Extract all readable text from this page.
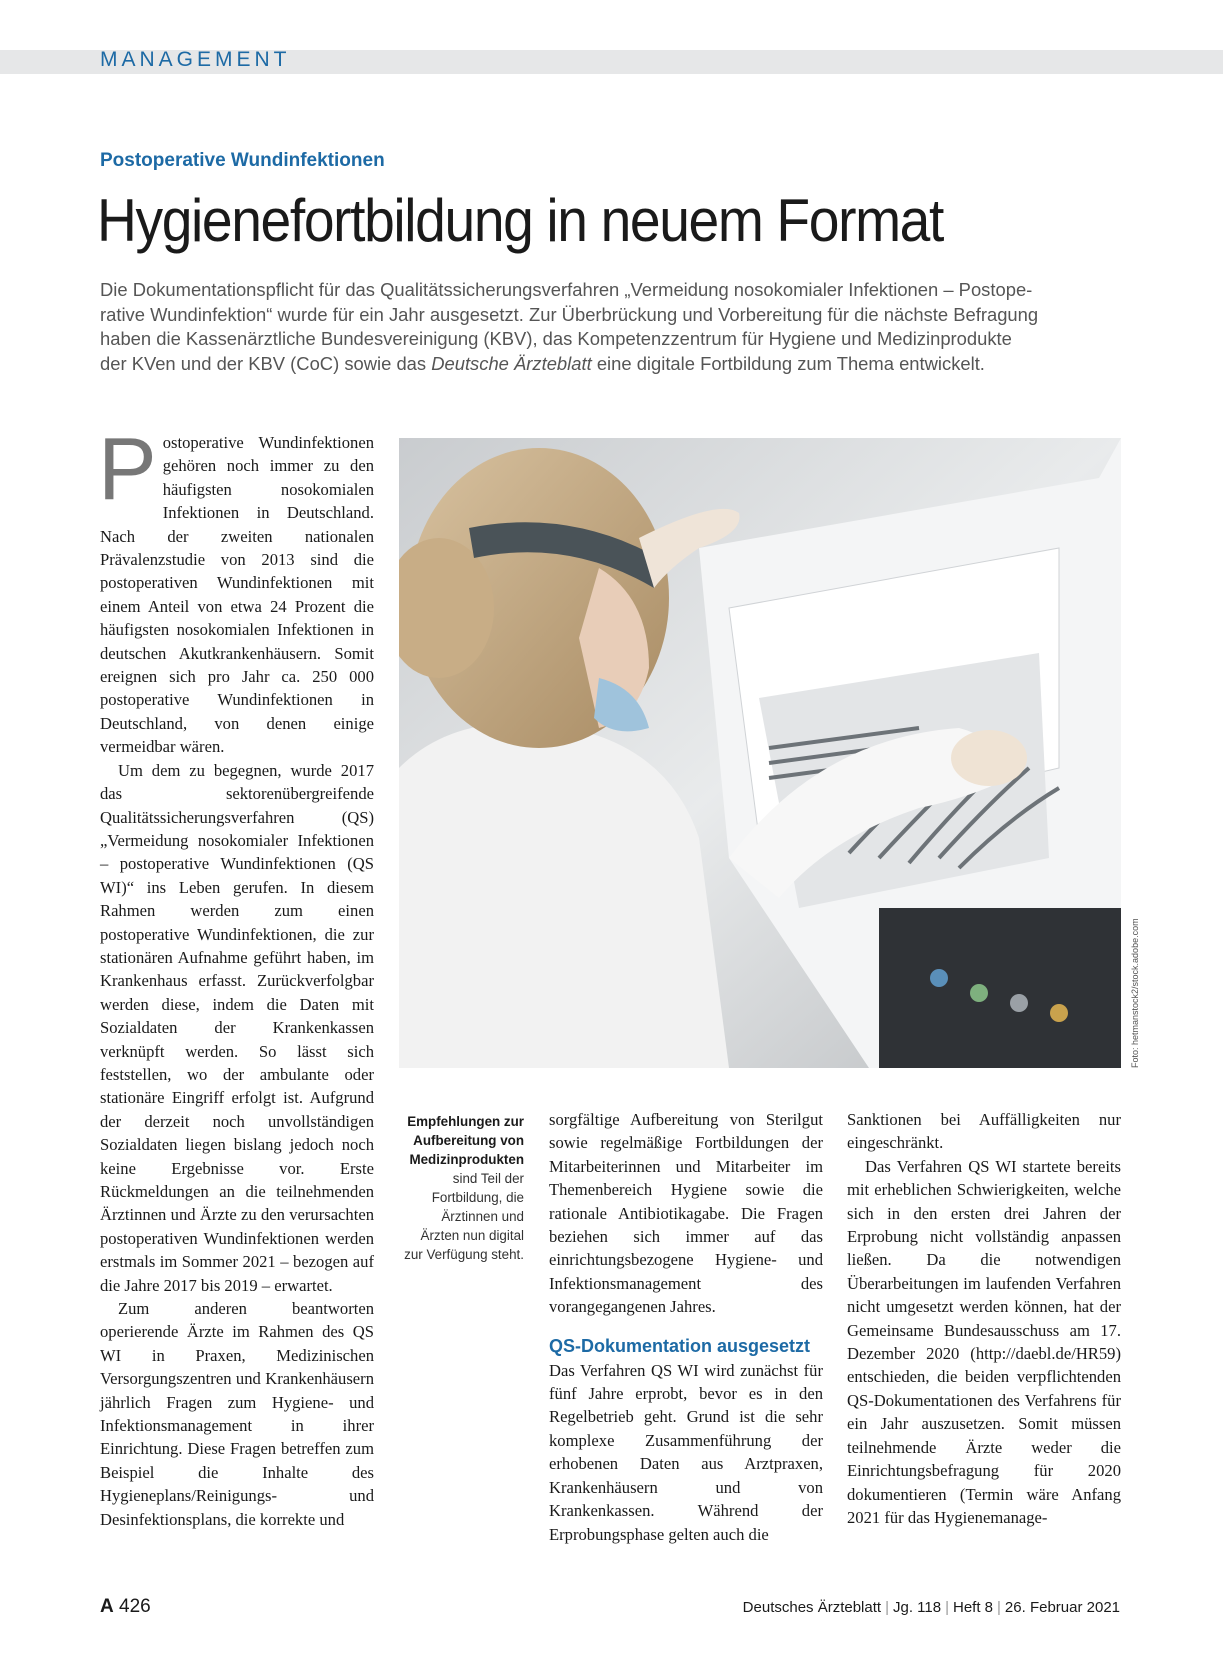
MANAGEMENT
Postoperative Wundinfektionen
Hygienefortbildung in neuem Format

Die Dokumentationspflicht für das Qualitätssicherungsverfahren „Vermeidung nosokomialer Infektionen – Postope-
rative Wundinfektion“ wurde für ein Jahr ausgesetzt. Zur Überbrückung und Vorbereitung für die nächste Befragung
haben die Kassenärztliche Bundesvereinigung (KBV), das Kompetenzzentrum für Hygiene und Medizinprodukte
der KVen und der KBV (CoC) sowie das Deutsche Ärzteblatt eine digitale Fortbildung zum Thema entwickelt.

Postoperative Wundinfektionen gehören noch immer zu den häufigsten nosokomialen Infektionen in Deutschland. Nach der zweiten nationalen Prävalenzstudie von 2013 sind die postoperativen Wundinfektionen mit einem Anteil von etwa 24 Prozent die häufigsten nosokomialen Infektionen in deutschen Akutkrankenhäusern. Somit ereignen sich pro Jahr ca. 250 000 postoperative Wundinfektionen in Deutschland, von denen einige vermeidbar wären.

Um dem zu begegnen, wurde 2017 das sektorenübergreifende Qualitätssicherungsverfahren (QS) „Vermeidung nosokomialer Infektionen – postoperative Wundinfektionen (QS WI)“ ins Leben gerufen. In diesem Rahmen werden zum einen postoperative Wundinfektionen, die zur stationären Aufnahme geführt haben, im Krankenhaus erfasst. Zurückverfolgbar werden diese, indem die Daten mit Sozialdaten der Krankenkassen verknüpft werden. So lässt sich feststellen, wo der ambulante oder stationäre Eingriff erfolgt ist. Aufgrund der derzeit noch unvollständigen Sozialdaten liegen bislang jedoch noch keine Ergebnisse vor. Erste Rückmeldungen an die teilnehmenden Ärztinnen und Ärzte zu den verursachten postoperativen Wundinfektionen werden erstmals im Sommer 2021 – bezogen auf die Jahre 2017 bis 2019 – erwartet.

Zum anderen beantworten operierende Ärzte im Rahmen des QS WI in Praxen, Medizinischen Versorgungszentren und Krankenhäusern jährlich Fragen zum Hygiene- und Infektionsmanagement in ihrer Einrichtung. Diese Fragen betreffen zum Beispiel die Inhalte des Hygieneplans/Reinigungs- und Desinfektionsplans, die korrekte und

Foto: hetmanstock2/stock.adobe.com
Empfehlungen zur Aufbereitung von Medizinprodukten sind Teil der Fortbildung, die Ärztinnen und Ärzten nun digital zur Verfügung steht.

sorgfältige Aufbereitung von Sterilgut sowie regelmäßige Fortbildungen der Mitarbeiterinnen und Mitarbeiter im Themenbereich Hygiene sowie die rationale Antibiotikagabe. Die Fragen beziehen sich immer auf das einrichtungsbezogene Hygiene- und Infektionsmanagement des vorangegangenen Jahres.

QS-Dokumentation ausgesetzt

Das Verfahren QS WI wird zunächst für fünf Jahre erprobt, bevor es in den Regelbetrieb geht. Grund ist die sehr komplexe Zusammenführung der erhobenen Daten aus Arztpraxen, Krankenhäusern und von Krankenkassen. Während der Erprobungsphase gelten auch die

Sanktionen bei Auffälligkeiten nur eingeschränkt.

Das Verfahren QS WI startete bereits mit erheblichen Schwierigkeiten, welche sich in den ersten drei Jahren der Erprobung nicht vollständig anpassen ließen. Da die notwendigen Überarbeitungen im laufenden Verfahren nicht umgesetzt werden können, hat der Gemeinsame Bundesausschuss am 17. Dezember 2020 (http://daebl.de/HR59) entschieden, die beiden verpflichtenden QS-Dokumentationen des Verfahrens für ein Jahr auszusetzen. Somit müssen teilnehmende Ärzte weder die Einrichtungsbefragung für 2020 dokumentieren (Termin wäre Anfang 2021 für das Hygienemanage-

A 426	Deutsches Ärzteblatt | Jg. 118 | Heft 8 | 26. Februar 2021
